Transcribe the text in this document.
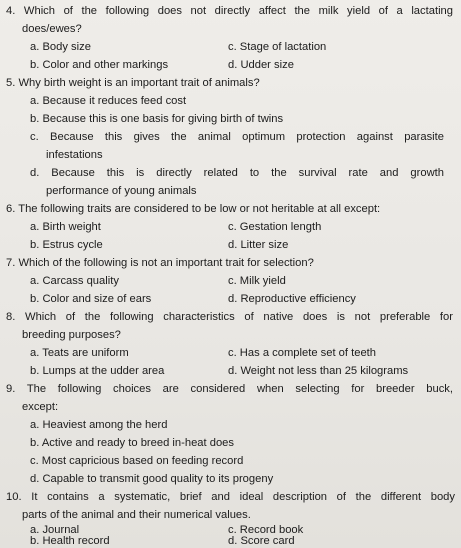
4. Which of the following does not directly affect the milk yield of a lactating
does/ewes?
a. Body size	c. Stage of lactation
b. Color and other markings	d. Udder size
5. Why birth weight is an important trait of animals?
a. Because it reduces feed cost
b. Because this is one basis for giving birth of twins
c. Because this gives the animal optimum protection against parasite
infestations
d. Because this is directly related to the survival rate and growth
performance of young animals
6. The following traits are considered to be low or not heritable at all except:
a. Birth weight	c. Gestation length
b. Estrus cycle	d. Litter size
7. Which of the following is not an important trait for selection?
a. Carcass quality	c. Milk yield
b. Color and size of ears	d. Reproductive efficiency
8. Which of the following characteristics of native does is not preferable for
breeding purposes?
a. Teats are uniform	c. Has a complete set of teeth
b. Lumps at the udder area	d. Weight not less than 25 kilograms
9. The following choices are considered when selecting for breeder buck,
except:
a. Heaviest among the herd
b. Active and ready to breed in-heat does
c. Most capricious based on feeding record
d. Capable to transmit good quality to its progeny
10. It contains a systematic, brief and ideal description of the different body
parts of the animal and their numerical values.
a. Journal	c. Record book
b. Health record	d. Score card
